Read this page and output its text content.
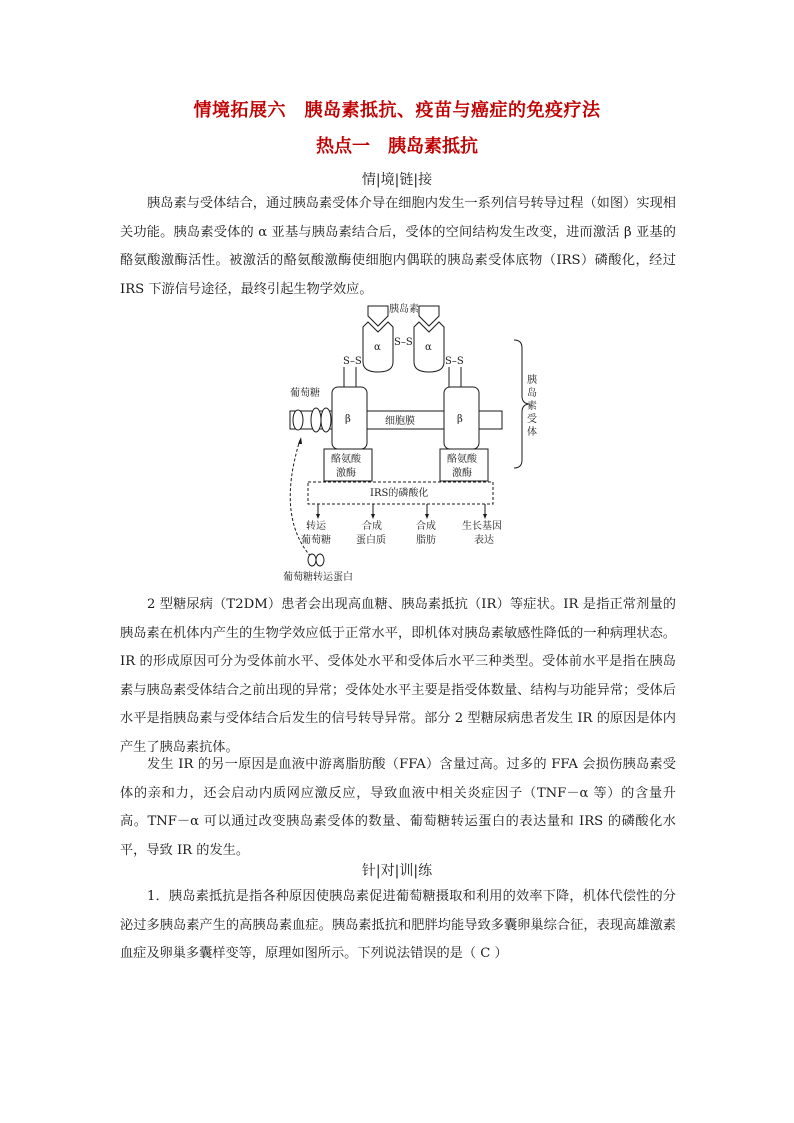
情境拓展六　胰岛素抵抗、疫苗与癌症的免疫疗法
热点一　胰岛素抵抗
情|境|链|接

胰岛素与受体结合，通过胰岛素受体介导在细胞内发生一系列信号转导过程（如图）实现相关功能。胰岛素受体的 α 亚基与胰岛素结合后，受体的空间结构发生改变，进而激活 β 亚基的酪氨酸激酶活性。被激活的酪氨酸激酶使细胞内偶联的胰岛素受体底物（IRS）磷酸化，经过 IRS 下游信号途径，最终引起生物学效应。

胰岛素
α	α
S–S
S–S	S–S
葡萄糖
β	β
细胞膜
酪氨酸
激酶
酪氨酸
激酶
胰
岛
素
受
体
IRS的磷酸化
转运
葡萄糖
合成
蛋白质
合成
脂肪
生长基因
表达
葡萄糖转运蛋白

2 型糖尿病（T2DM）患者会出现高血糖、胰岛素抵抗（IR）等症状。IR 是指正常剂量的胰岛素在机体内产生的生物学效应低于正常水平，即机体对胰岛素敏感性降低的一种病理状态。IR 的形成原因可分为受体前水平、受体处水平和受体后水平三种类型。受体前水平是指在胰岛素与胰岛素受体结合之前出现的异常；受体处水平主要是指受体数量、结构与功能异常；受体后水平是指胰岛素与受体结合后发生的信号转导异常。部分 2 型糖尿病患者发生 IR 的原因是体内产生了胰岛素抗体。

发生 IR 的另一原因是血液中游离脂肪酸（FFA）含量过高。过多的 FFA 会损伤胰岛素受体的亲和力，还会启动内质网应激反应，导致血液中相关炎症因子（TNF－α 等）的含量升高。TNF－α 可以通过改变胰岛素受体的数量、葡萄糖转运蛋白的表达量和 IRS 的磷酸化水平，导致 IR 的发生。

针|对|训|练

1．胰岛素抵抗是指各种原因使胰岛素促进葡萄糖摄取和利用的效率下降，机体代偿性的分泌过多胰岛素产生的高胰岛素血症。胰岛素抵抗和肥胖均能导致多囊卵巢综合征，表现高雄激素血症及卵巢多囊样变等，原理如图所示。下列说法错误的是（ C ）
